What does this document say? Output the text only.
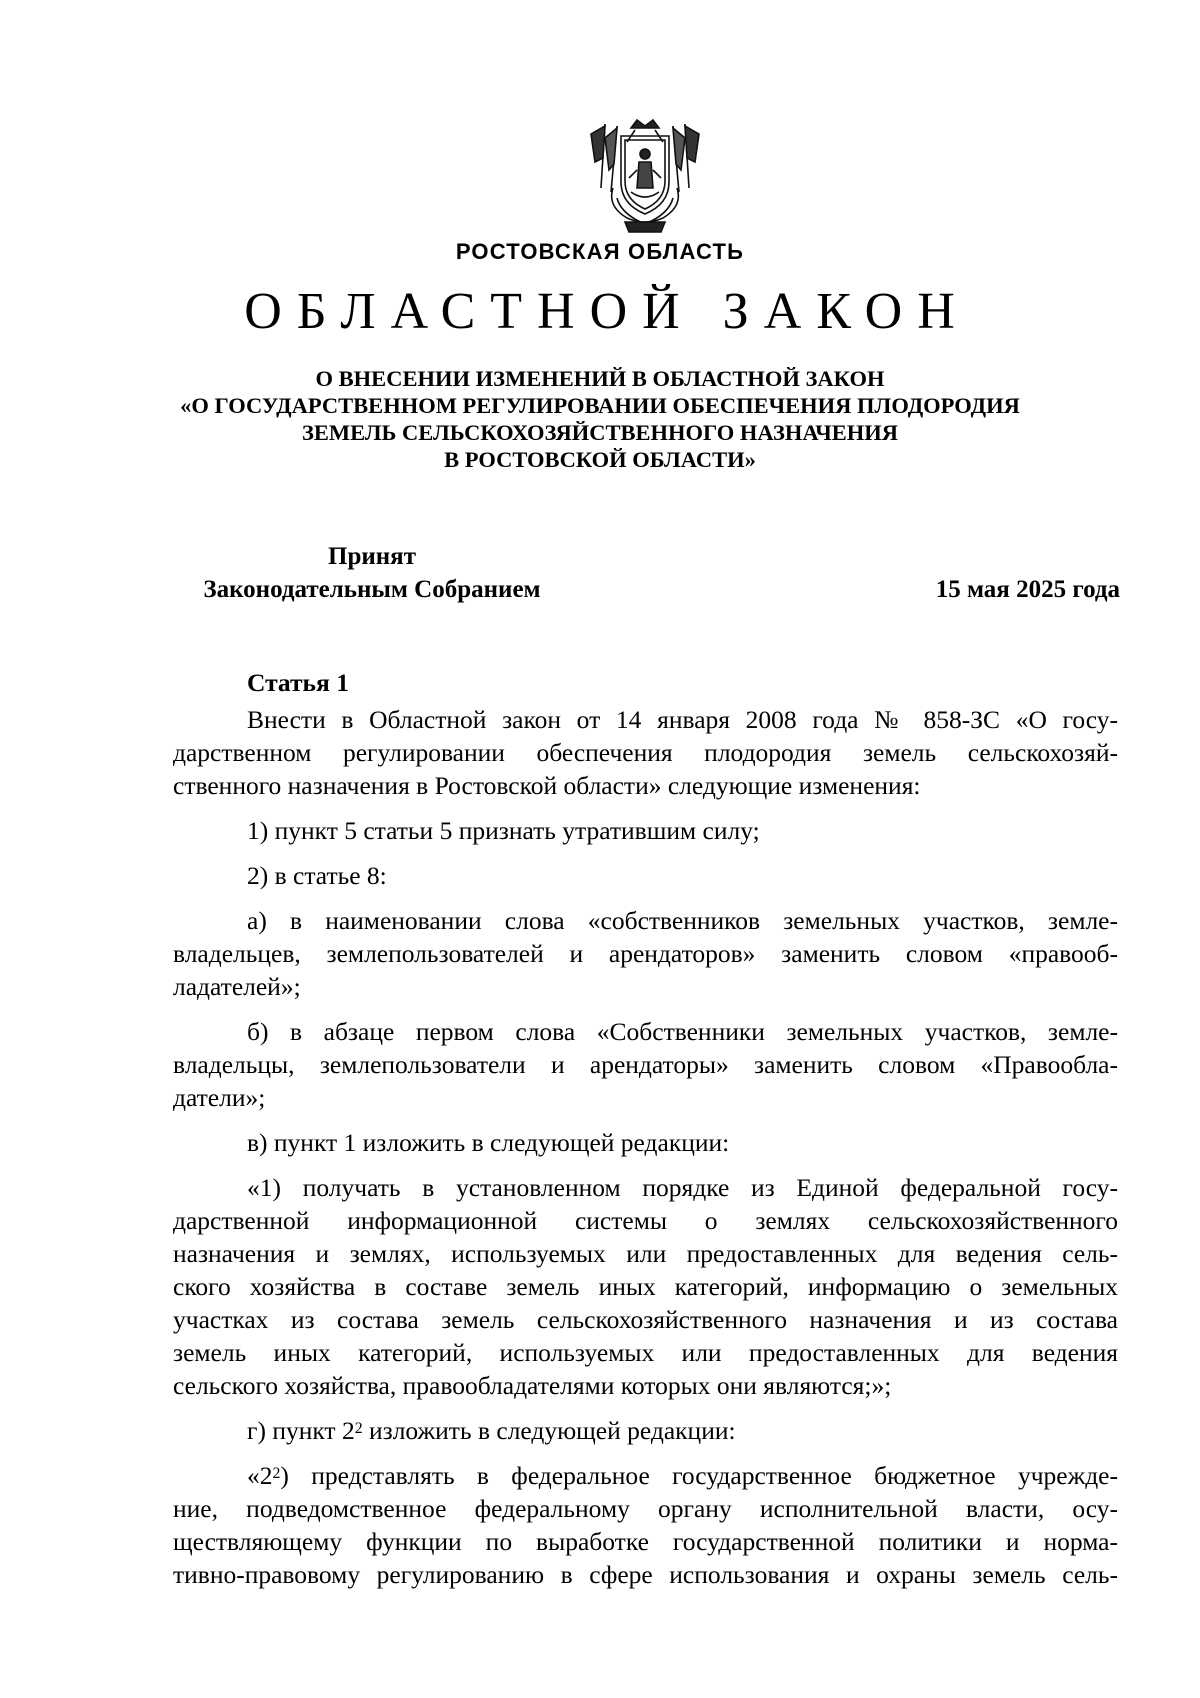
РОСТОВСКАЯ ОБЛАСТЬ
ОБЛАСТНОЙ ЗАКОН
О ВНЕСЕНИИ ИЗМЕНЕНИЙ В ОБЛАСТНОЙ ЗАКОН
«О ГОСУДАРСТВЕННОМ РЕГУЛИРОВАНИИ ОБЕСПЕЧЕНИЯ ПЛОДОРОДИЯ
ЗЕМЕЛЬ СЕЛЬСКОХОЗЯЙСТВЕННОГО НАЗНАЧЕНИЯ
В РОСТОВСКОЙ ОБЛАСТИ»
Принят
Законодательным Собранием	15 мая 2025 года
Статья 1
Внести в Областной закон от 14 января 2008 года № 858-ЗС «О госу-
дарственном регулировании обеспечения плодородия земель сельскохозяй-
ственного назначения в Ростовской области» следующие изменения:
1) пункт 5 статьи 5 признать утратившим силу;
2) в статье 8:
а) в наименовании слова «собственников земельных участков, земле-
владельцев, землепользователей и арендаторов» заменить словом «правооб-
ладателей»;
б) в абзаце первом слова «Собственники земельных участков, земле-
владельцы, землепользователи и арендаторы» заменить словом «Правообла-
датели»;
в) пункт 1 изложить в следующей редакции:
«1) получать в установленном порядке из Единой федеральной госу-
дарственной информационной системы о землях сельскохозяйственного
назначения и землях, используемых или предоставленных для ведения сель-
ского хозяйства в составе земель иных категорий, информацию о земельных
участках из состава земель сельскохозяйственного назначения и из состава
земель иных категорий, используемых или предоставленных для ведения
сельского хозяйства, правообладателями которых они являются;»;
г) пункт $2^2$ изложить в следующей редакции:
«$2^2$) представлять в федеральное государственное бюджетное учрежде-
ние, подведомственное федеральному органу исполнительной власти, осу-
ществляющему функции по выработке государственной политики и норма-
тивно-правовому регулированию в сфере использования и охраны земель сель-
